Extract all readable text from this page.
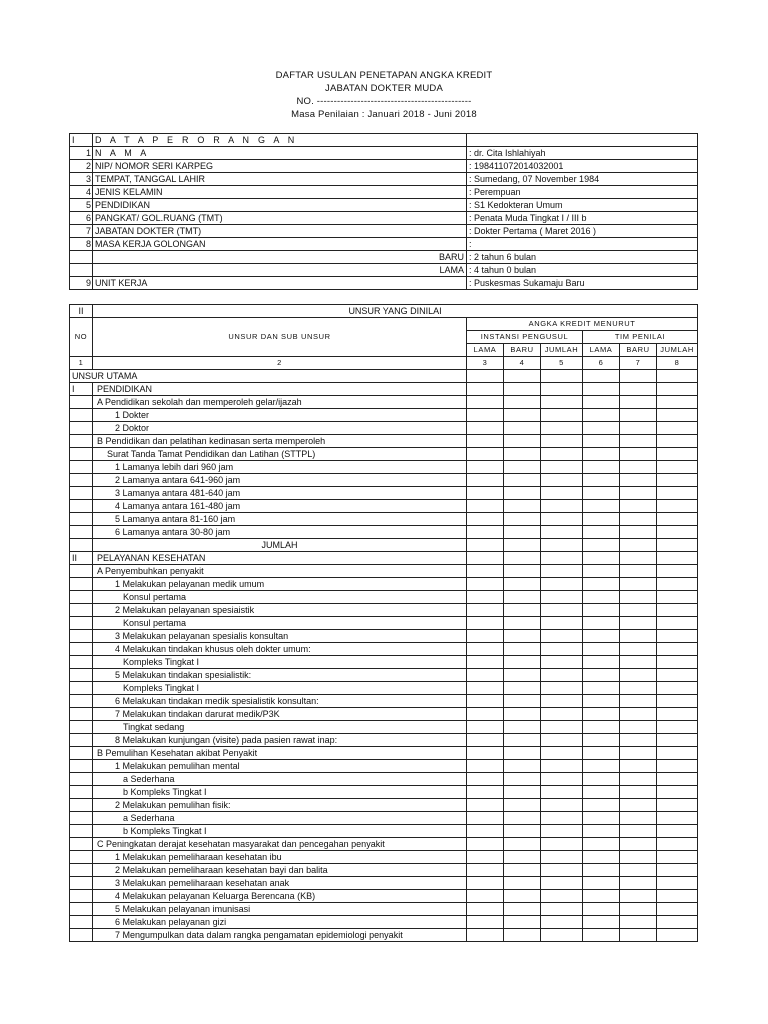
DAFTAR USULAN PENETAPAN ANGKA KREDIT
JABATAN DOKTER MUDA
NO. ----------------------------------------------
Masa Penilaian : Januari 2018 - Juni 2018
I	D A T A P E R O R A N G A N	
1	N A M A	: dr. Cita Ishlahiyah
2	NIP/ NOMOR SERI KARPEG	: 198411072014032001
3	TEMPAT, TANGGAL LAHIR	: Sumedang, 07 November 1984
4	JENIS KELAMIN	: Perempuan
5	PENDIDIKAN	: S1 Kedokteran Umum
6	PANGKAT/ GOL.RUANG (TMT)	: Penata Muda Tingkat I / III b
7	JABATAN DOKTER (TMT)	: Dokter Pertama ( Maret 2016 )
8	MASA KERJA GOLONGAN	:
	BARU	: 2 tahun 6 bulan
	LAMA	: 4 tahun 0 bulan
9	UNIT KERJA	: Puskesmas Sukamaju Baru
II	UNSUR YANG DINILAI						
NO	UNSUR DAN SUB UNSUR	ANGKA KREDIT MENURUT					
		INSTANSI PENGUSUL			TIM PENILAI		
		LAMA	BARU	JUMLAH	LAMA	BARU	JUMLAH
1	2	3	4	5	6	7	8
UNSUR UTAMA							
I	PENDIDIKAN						
	A Pendidikan sekolah dan memperoleh gelar/ijazah						
	1 Dokter						
	2 Doktor						
	B Pendidikan dan pelatihan kedinasan serta memperoleh						
	Surat Tanda Tamat Pendidikan dan Latihan (STTPL)						
	1 Lamanya lebih dari 960 jam						
	2 Lamanya antara 641-960 jam						
	3 Lamanya antara 481-640 jam						
	4 Lamanya antara 161-480 jam						
	5 Lamanya antara 81-160 jam						
	6 Lamanya antara 30-80 jam						
	JUMLAH						
II	PELAYANAN KESEHATAN						
	A Penyembuhkan penyakit						
	1 Melakukan pelayanan medik umum						
	Konsul pertama						
	2 Melakukan pelayanan spesiaistik						
	Konsul pertama						
	3 Melakukan pelayanan spesialis konsultan						
	4 Melakukan tindakan khusus oleh dokter umum:						
	Kompleks Tingkat I						
	5 Melakukan tindakan spesialistik:						
	Kompleks Tingkat I						
	6 Melakukan tindakan medik spesialistik konsultan:						
	7 Melakukan tindakan darurat medik/P3K						
	Tingkat sedang						
	8 Melakukan kunjungan (visite) pada pasien rawat inap:						
	B Pemulihan Kesehatan akibat Penyakit						
	1 Melakukan pemulihan mental						
	a Sederhana						
	b Kompleks Tingkat I						
	2 Melakukan pemulihan fisik:						
	a Sederhana						
	b Kompleks Tingkat I						
	C Peningkatan derajat kesehatan masyarakat dan pencegahan penyakit						
	1 Melakukan pemeliharaan kesehatan ibu						
	2 Melakukan pemeliharaan kesehatan bayi dan balita						
	3 Melakukan pemeliharaan kesehatan anak						
	4 Melakukan pelayanan Keluarga Berencana (KB)						
	5 Melakukan pelayanan imunisasi						
	6 Melakukan pelayanan gizi						
	7 Mengumpulkan data dalam rangka pengamatan epidemiologi penyakit						
